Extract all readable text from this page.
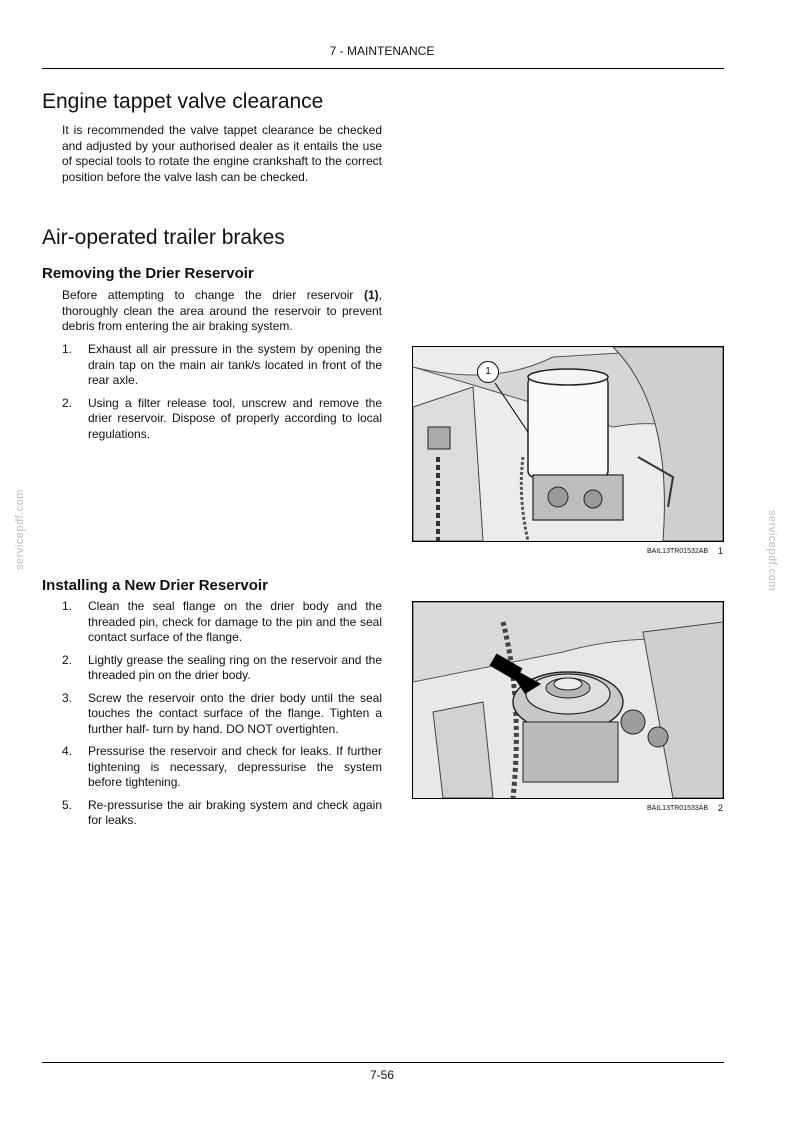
7 - MAINTENANCE
Engine tappet valve clearance

It is recommended the valve tappet clearance be checked and adjusted by your authorised dealer as it entails the use of special tools to rotate the engine crankshaft to the correct position before the valve lash can be checked.

Air-operated trailer brakes
Removing the Drier Reservoir

Before attempting to change the drier reservoir (1), thoroughly clean the area around the reservoir to prevent debris from entering the air braking system.

1. Exhaust all air pressure in the system by opening the drain tap on the main air tank/s located in front of the rear axle.
2. Using a filter release tool, unscrew and remove the drier reservoir. Dispose of properly according to local regulations.
1
BAIL13TR01532AB 1
Installing a New Drier Reservoir
1. Clean the seal flange on the drier body and the threaded pin, check for damage to the pin and the seal contact surface of the flange.
2. Lightly grease the sealing ring on the reservoir and the threaded pin on the drier body.
3. Screw the reservoir onto the drier body until the seal touches the contact surface of the flange. Tighten a further half- turn by hand. DO NOT overtighten.
4. Pressurise the reservoir and check for leaks. If further tightening is necessary, depressurise the system before tightening.
5. Re-pressurise the air braking system and check again for leaks.
BAIL13TR01533AB 2
servicepdf.com	servicepdf.com
7-56
